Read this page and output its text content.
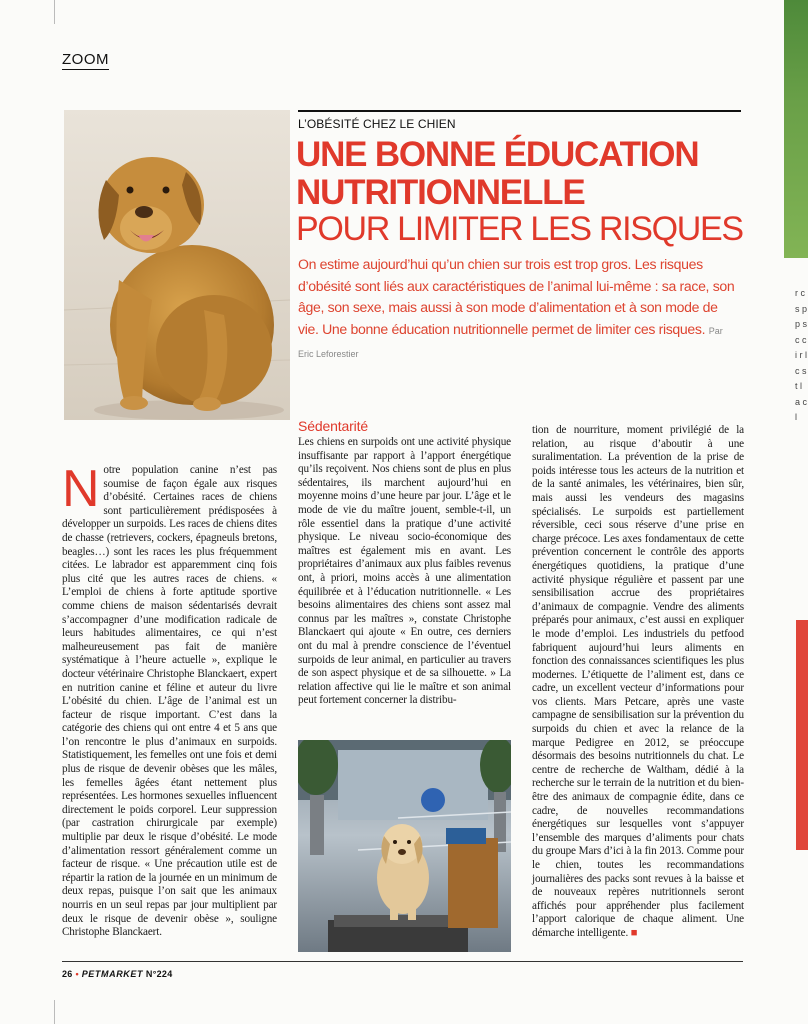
r c s p p s c c i r l c s t l a c l
ZOOM
L’OBÉSITÉ CHEZ LE CHIEN
UNE BONNE ÉDUCATION
NUTRITIONNELLE
POUR LIMITER LES RISQUES
On estime aujourd’hui qu’un chien sur trois est trop gros. Les risques d’obésité sont liés aux caractéristiques de l’animal lui-même : sa race, son âge, son sexe, mais aussi à son mode d’alimentation et à son mode de vie. Une bonne éducation nutritionnelle permet de limiter ces risques. Par Eric Leforestier

Notre population canine n’est pas soumise de façon égale aux risques d’obésité. Certaines races de chiens sont particulièrement prédisposées à développer un surpoids. Les races de chiens dites de chasse (retrievers, cockers, épagneuls bretons, beagles…) sont les races les plus fréquemment citées. Le labrador est apparemment cinq fois plus cité que les autres races de chiens. « L’emploi de chiens à forte aptitude sportive comme chiens de maison sédentarisés devrait s’accompagner d’une modification radicale de leurs habitudes alimentaires, ce qui n’est malheureusement pas fait de manière systématique à l’heure actuelle », explique le docteur vétérinaire Christophe Blanckaert, expert en nutrition canine et féline et auteur du livre L’obésité du chien. L’âge de l’animal est un facteur de risque important. C’est dans la catégorie des chiens qui ont entre 4 et 5 ans que l’on rencontre le plus d’animaux en surpoids. Statistiquement, les femelles ont une fois et demi plus de risque de devenir obèses que les mâles, les femelles âgées étant nettement plus représentées. Les hormones sexuelles influencent directement le poids corporel. Leur suppression (par castration chirurgicale par exemple) multiplie par deux le risque d’obésité. Le mode d’alimentation ressort généralement comme un facteur de risque. « Une précaution utile est de répartir la ration de la journée en un minimum de deux repas, puisque l’on sait que les animaux nourris en un seul repas par jour multiplient par deux le risque de devenir obèse », souligne Christophe Blanckaert.

Sédentarité

Les chiens en surpoids ont une activité physique insuffisante par rapport à l’apport énergétique qu’ils reçoivent. Nos chiens sont de plus en plus sédentaires, ils marchent aujourd’hui en moyenne moins d’une heure par jour. L’âge et le mode de vie du maître jouent, semble-t-il, un rôle essentiel dans la pratique d’une activité physique. Le niveau socio-économique des maîtres est également mis en avant. Les propriétaires d’animaux aux plus faibles revenus ont, à priori, moins accès à une alimentation équilibrée et à l’éducation nutritionnelle. « Les besoins alimentaires des chiens sont assez mal connus par les maîtres », constate Christophe Blanckaert qui ajoute « En outre, ces derniers ont du mal à prendre conscience de l’éventuel surpoids de leur animal, en particulier au travers de son aspect physique et de sa silhouette. » La relation affective qui lie le maître et son animal peut fortement concerner la distribu-

tion de nourriture, moment privilégié de la relation, au risque d’aboutir à une suralimentation. La prévention de la prise de poids intéresse tous les acteurs de la nutrition et de la santé animales, les vétérinaires, bien sûr, mais aussi les vendeurs des magasins spécialisés. Le surpoids est partiellement réversible, ceci sous réserve d’une prise en charge précoce. Les axes fondamentaux de cette prévention concernent le contrôle des apports énergétiques quotidiens, la pratique d’une activité physique régulière et passent par une sensibilisation accrue des propriétaires d’animaux de compagnie. Vendre des aliments préparés pour animaux, c’est aussi en expliquer le mode d’emploi. Les industriels du petfood fabriquent aujourd’hui leurs aliments en fonction des connaissances scientifiques les plus modernes. L’étiquette de l’aliment est, dans ce cadre, un excellent vecteur d’informations pour vos clients. Mars Petcare, après une vaste campagne de sensibilisation sur la prévention du surpoids du chien et avec la relance de la marque Pedigree en 2012, se préoccupe désormais des besoins nutritionnels du chat. Le centre de recherche de Waltham, dédié à la recherche sur le terrain de la nutrition et du bien-être des animaux de compagnie édite, dans ce cadre, de nouvelles recommandations énergétiques sur lesquelles vont s’appuyer l’ensemble des marques d’aliments pour chats du groupe Mars d’ici à la fin 2013. Comme pour le chien, toutes les recommandations journalières des packs sont revues à la baisse et de nouveaux repères nutritionnels seront affichés pour appréhender plus facilement l’apport calorique de chaque aliment. Une démarche intelligente. ■

26 • PETMARKET N°224
